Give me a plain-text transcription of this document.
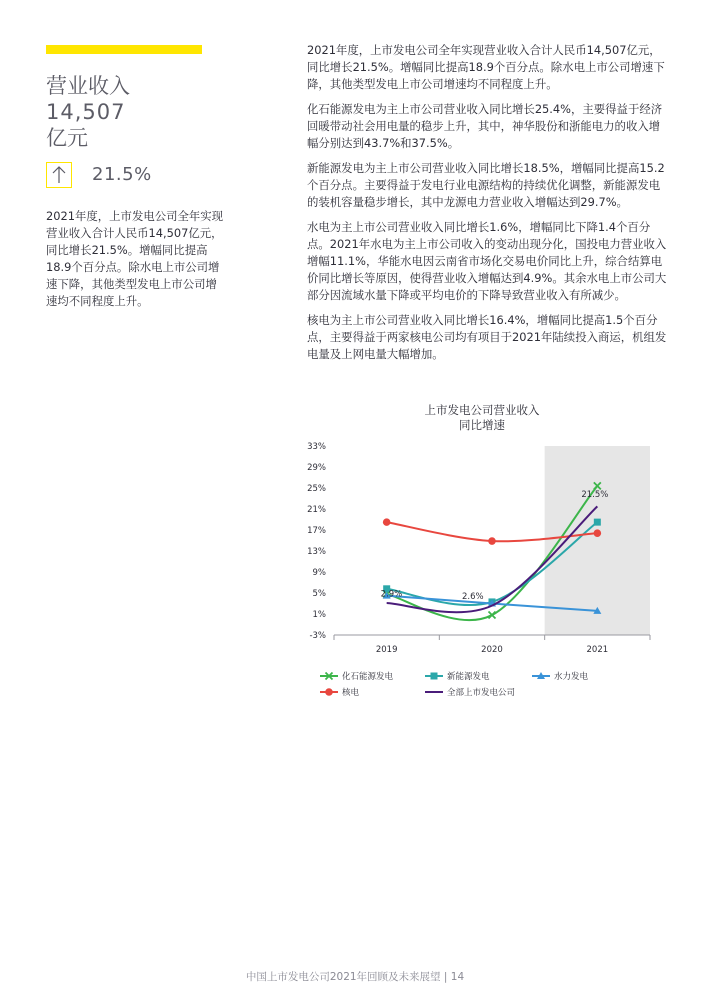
营业收入
14,507
亿元
21.5%
2021年度，上市发电公司全年实现营业收入合计人民币14,507亿元，同比增长21.5%。增幅同比提高18.9个百分点。除水电上市公司增速下降，其他类型发电上市公司增速均不同程度上升。

2021年度，上市发电公司全年实现营业收入合计人民币14,507亿元，同比增长21.5%。增幅同比提高18.9个百分点。除水电上市公司增速下降，其他类型发电上市公司增速均不同程度上升。

化石能源发电为主上市公司营业收入同比增长25.4%，主要得益于经济回暖带动社会用电量的稳步上升，其中，神华股份和浙能电力的收入增幅分别达到43.7%和37.5%。

新能源发电为主上市公司营业收入同比增长18.5%，增幅同比提高15.2个百分点。主要得益于发电行业电源结构的持续优化调整，新能源发电的装机容量稳步增长，其中龙源电力营业收入增幅达到29.7%。

水电为主上市公司营业收入同比增长1.6%，增幅同比下降1.4个百分点。2021年水电为主上市公司收入的变动出现分化，国投电力营业收入增幅11.1%，华能水电因云南省市场化交易电价同比上升，综合结算电价同比增长等原因，使得营业收入增幅达到4.9%。其余水电上市公司大部分因流域水量下降或平均电价的下降导致营业收入有所减少。

核电为主上市公司营业收入同比增长16.4%，增幅同比提高1.5个百分点，主要得益于两家核电公司均有项目于2021年陆续投入商运，机组发电量及上网电量大幅增加。

上市发电公司营业收入
同比增速
33%
29%
25%
21%
17%
13%
9%
5%
1%
-3%
2019	2020	2021
2.9%	2.6%
21.5%
化石能源发电	新能源发电	水力发电
核电	全部上市发电公司
中国上市发电公司2021年回顾及未来展望 | 14
